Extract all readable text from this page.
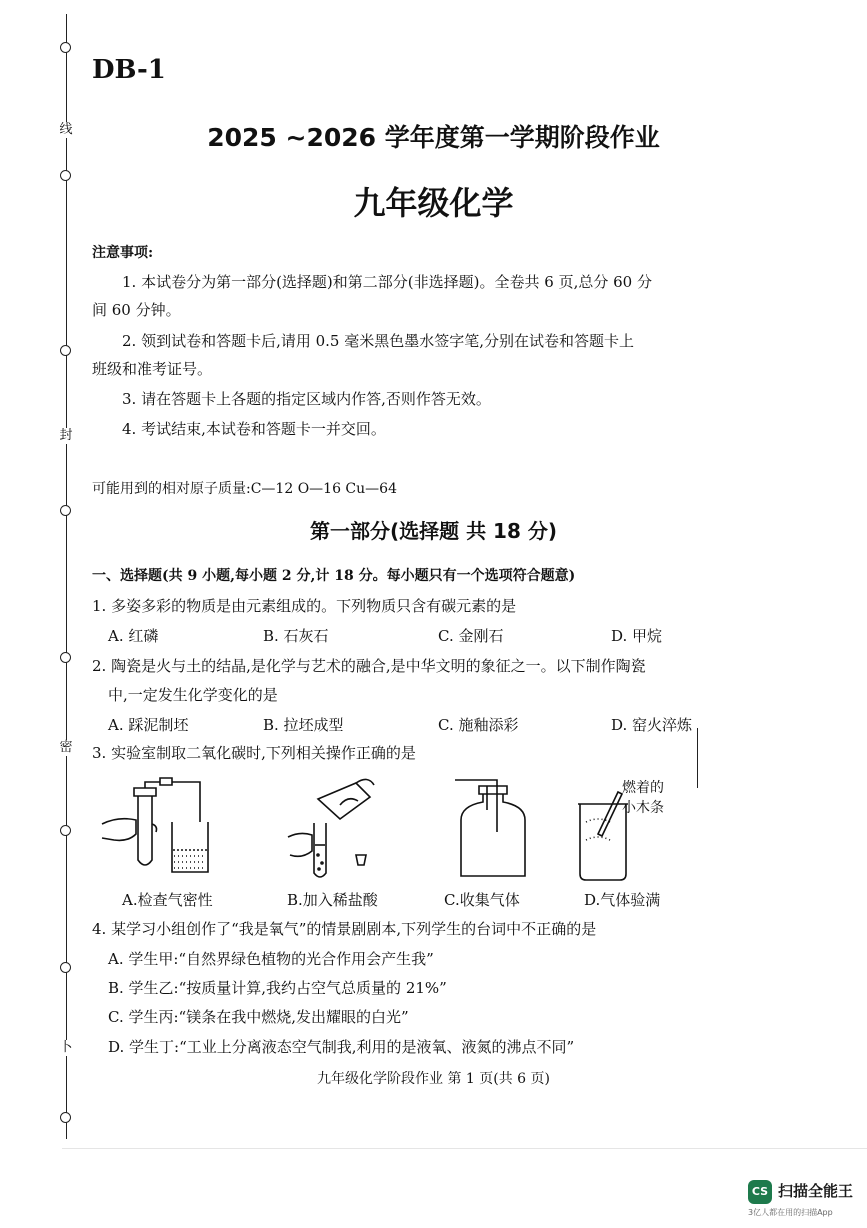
线
封
密
卜
DB-1
2025 ~2026 学年度第一学期阶段作业
九年级化学
注意事项:
1. 本试卷分为第一部分(选择题)和第二部分(非选择题)。全卷共 6 页,总分 60 分
间 60 分钟。
2. 领到试卷和答题卡后,请用 0.5 毫米黑色墨水签字笔,分别在试卷和答题卡上
班级和准考证号。
3. 请在答题卡上各题的指定区域内作答,否则作答无效。
4. 考试结束,本试卷和答题卡一并交回。
可能用到的相对原子质量:C—12 O—16 Cu—64
第一部分(选择题 共 18 分)
一、选择题(共 9 小题,每小题 2 分,计 18 分。每小题只有一个选项符合题意)
1. 多姿多彩的物质是由元素组成的。下列物质只含有碳元素的是
A. 红磷	B. 石灰石	C. 金刚石	D. 甲烷
2. 陶瓷是火与土的结晶,是化学与艺术的融合,是中华文明的象征之一。以下制作陶瓷
中,一定发生化学变化的是
A. 踩泥制坯	B. 拉坯成型	C. 施釉添彩	D. 窑火淬炼
3. 实验室制取二氧化碳时,下列相关操作正确的是
燃着的
小木条
A.检查气密性	B.加入稀盐酸	C.收集气体	D.气体验满
4. 某学习小组创作了“我是氧气”的情景剧剧本,下列学生的台词中不正确的是
A. 学生甲:“自然界绿色植物的光合作用会产生我”
B. 学生乙:“按质量计算,我约占空气总质量的 21%”
C. 学生丙:“镁条在我中燃烧,发出耀眼的白光”
D. 学生丁:“工业上分离液态空气制我,利用的是液氧、液氮的沸点不同”
九年级化学阶段作业 第 1 页(共 6 页)
CS 扫描全能王
3亿人都在用的扫描App
